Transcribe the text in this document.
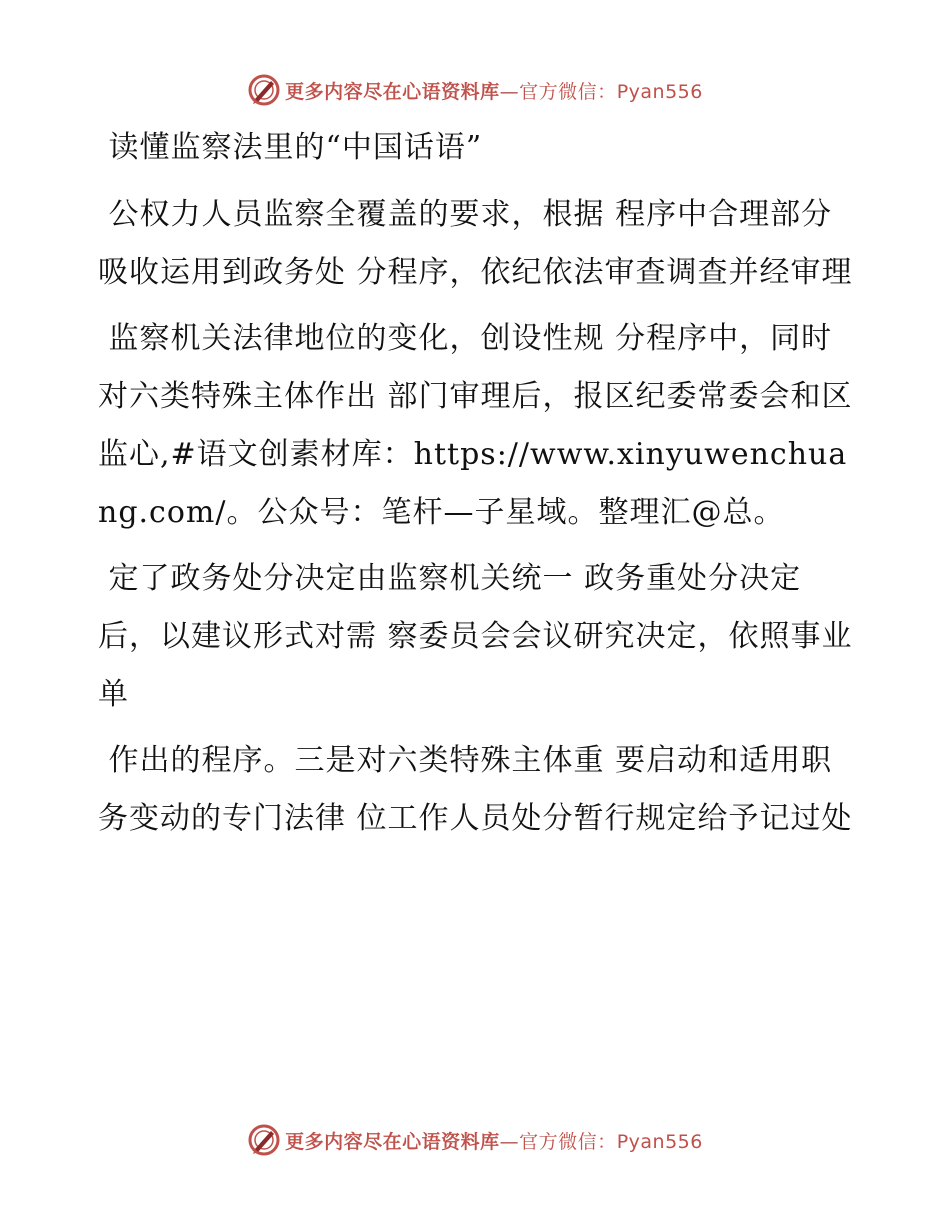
更多内容尽在心语资料库—官方微信：Pyan556

读懂监察法里的“中国话语”

公权力人员监察全覆盖的要求，根据 程序中合理部分吸收运用到政务处 分程序，依纪依法审查调查并经审理

监察机关法律地位的变化，创设性规 分程序中，同时对六类特殊主体作出 部门审理后，报区纪委常委会和区监心,#语文创素材库：https://www.xinyuwenchuang.com/。公众号：笔杆—子星域。整理汇@总。

定了政务处分决定由监察机关统一 政务重处分决定后，以建议形式对需 察委员会会议研究决定，依照事业单

作出的程序。三是对六类特殊主体重 要启动和适用职务变动的专门法律 位工作人员处分暂行规定给予记过处

更多内容尽在心语资料库—官方微信：Pyan556
